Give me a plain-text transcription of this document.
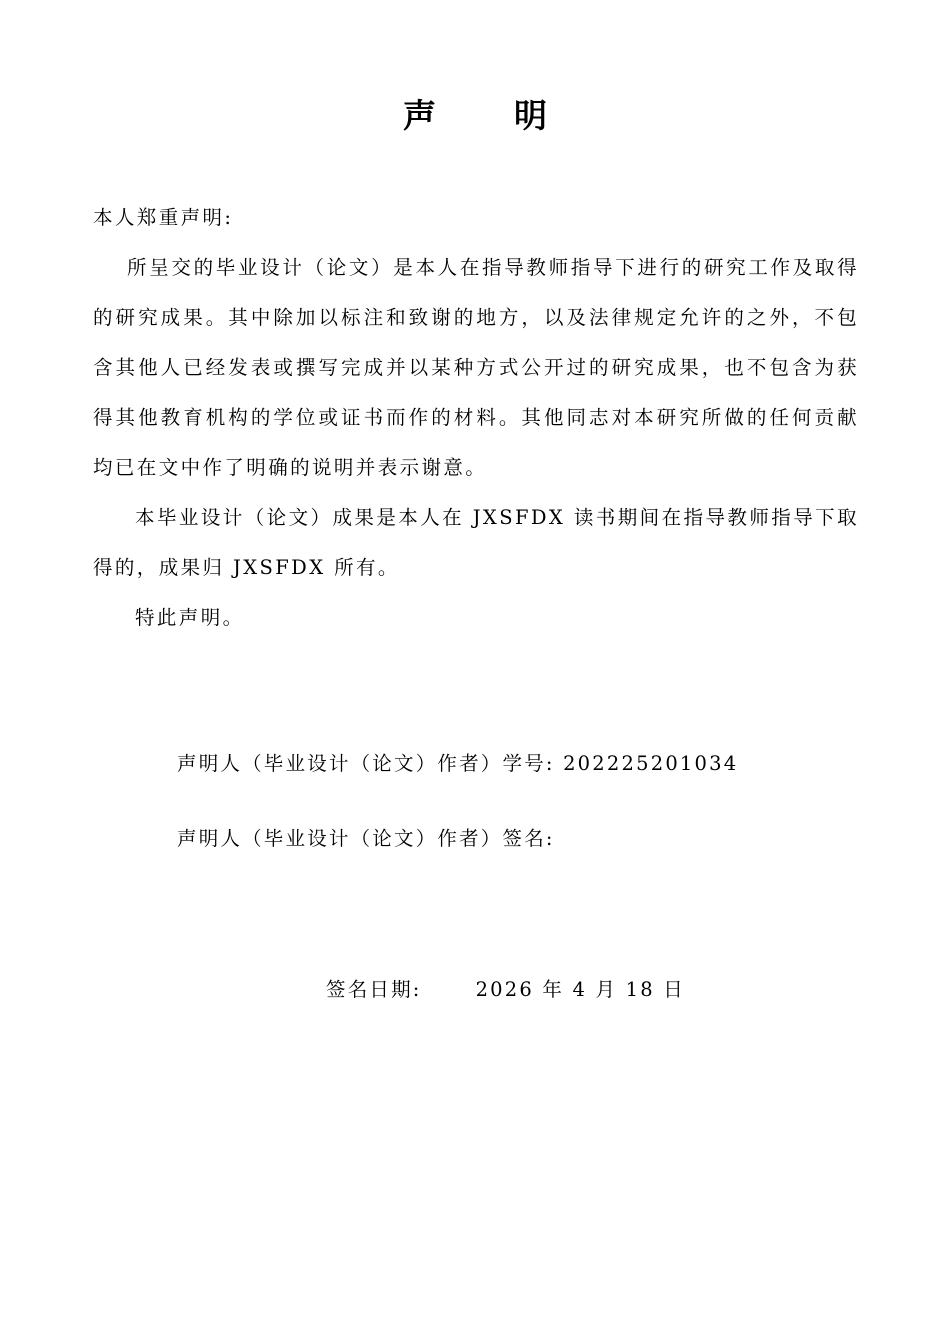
声明
本人郑重声明:
所呈交的毕业设计（论文）是本人在指导教师指导下进行的研究工作及取得的研究成果。其中除加以标注和致谢的地方，以及法律规定允许的之外，不包含其他人已经发表或撰写完成并以某种方式公开过的研究成果，也不包含为获得其他教育机构的学位或证书而作的材料。其他同志对本研究所做的任何贡献均已在文中作了明确的说明并表示谢意。
本毕业设计（论文）成果是本人在 JXSFDX 读书期间在指导教师指导下取得的，成果归 JXSFDX 所有。
特此声明。
声明人（毕业设计（论文）作者）学号: 202225201034
声明人（毕业设计（论文）作者）签名:
签名日期:	2026 年 4 月 18 日
